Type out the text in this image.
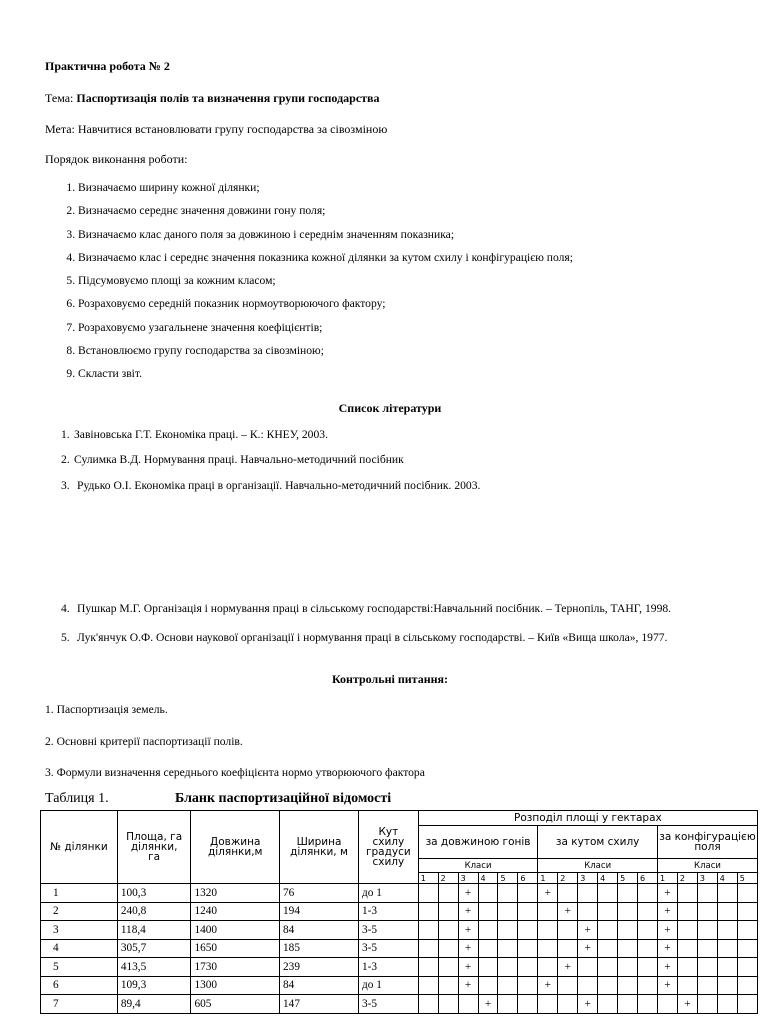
Практична робота № 2
Тема: Паспортизація полів та визначення групи господарства
Мета: Навчитися встановлювати групу господарства за сівозміною
Порядок виконання роботи:
1. Визначаємо ширину кожної ділянки;
2. Визначаємо середнє значення довжини гону поля;
3. Визначаємо клас даного поля за довжиною і середнім значенням показника;
4. Визначаємо клас і середнє значення показника кожної ділянки за кутом схилу і конфігурацією поля;
5. Підсумовуємо площі за кожним класом;
6. Розраховуємо середній показник нормоутворюючого фактору;
7. Розраховуємо узагальнене значення коефіцієнтів;
8. Встановлюємо групу господарства за сівозміною;
9. Скласти звіт.
Список літератури
1. Завіновська Г.Т. Економіка праці. – К.: КНЕУ, 2003.
2. Сулимка В.Д. Нормування праці. Навчально-методичний посібник
3. Рудько О.І. Економіка праці в організації. Навчально-методичний посібник. 2003.
4. Пушкар М.Г. Організація і нормування праці в сільському господарстві:Навчальний посібник. – Тернопіль, ТАНГ, 1998.
5. Лук'янчук О.Ф. Основи наукової організації і нормування праці в сільському господарстві. – Київ «Вища школа», 1977.
Контрольні питання:
1. Паспортизація земель.
2. Основні критерії паспортизації полів.
3. Формули визначення середнього коефіцієнта нормо утворюючого фактора
Таблиця 1.	Бланк паспортизаційної відомості
№ ділянки	Площа, га ділянки, га	Довжина ділянки,м	Ширина ділянки, м	Кут схилу градуси схилу	Розподіл площі у гектарах																
					за довжиною гонів						за кутом схилу						за конфігурацією поля				
					Класи						Класи						Класи				
					1	2	3	4	5	6	1	2	3	4	5	6	1	2	3	4	5
1	100,3	1320	76	до 1			+				+						+				
2	240,8	1240	194	1-3			+					+					+				
3	118,4	1400	84	3-5			+						+				+				
4	305,7	1650	185	3-5			+						+				+				
5	413,5	1730	239	1-3			+					+					+				
6	109,3	1300	84	до 1			+				+						+				
7	89,4	605	147	3-5				+					+					+			
